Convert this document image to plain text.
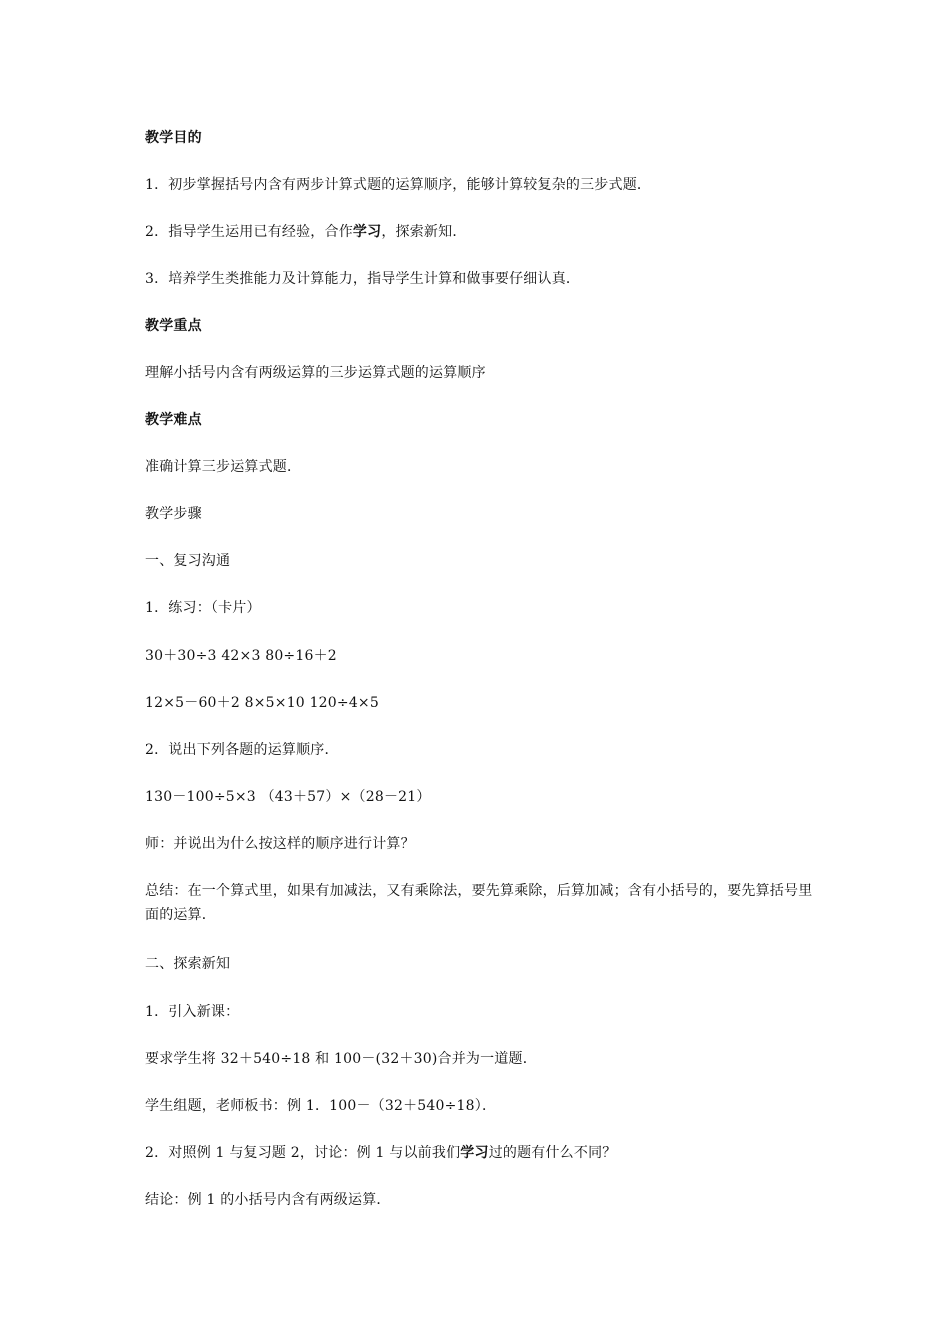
教学目的
1．初步掌握括号内含有两步计算式题的运算顺序，能够计算较复杂的三步式题．
2．指导学生运用已有经验，合作学习，探索新知．
3．培养学生类推能力及计算能力，指导学生计算和做事要仔细认真．
教学重点
理解小括号内含有两级运算的三步运算式题的运算顺序
教学难点
准确计算三步运算式题．
教学步骤
一、复习沟通
1．练习：（卡片）
30＋30÷3 42×3 80÷16＋2
12×5－60＋2 8×5×10 120÷4×5
2．说出下列各题的运算顺序．
130－100÷5×3 （43＋57）×（28－21）
师：并说出为什么按这样的顺序进行计算？
总结：在一个算式里，如果有加减法，又有乘除法，要先算乘除，后算加减；含有小括号的，要先算括号里面的运算．
二、探索新知
1．引入新课：
要求学生将 32＋540÷18 和 100－(32＋30)合并为一道题．
学生组题，老师板书：例 1．100－（32＋540÷18）．
2．对照例 1 与复习题 2，讨论：例 1 与以前我们学习过的题有什么不同？
结论：例 1 的小括号内含有两级运算．
